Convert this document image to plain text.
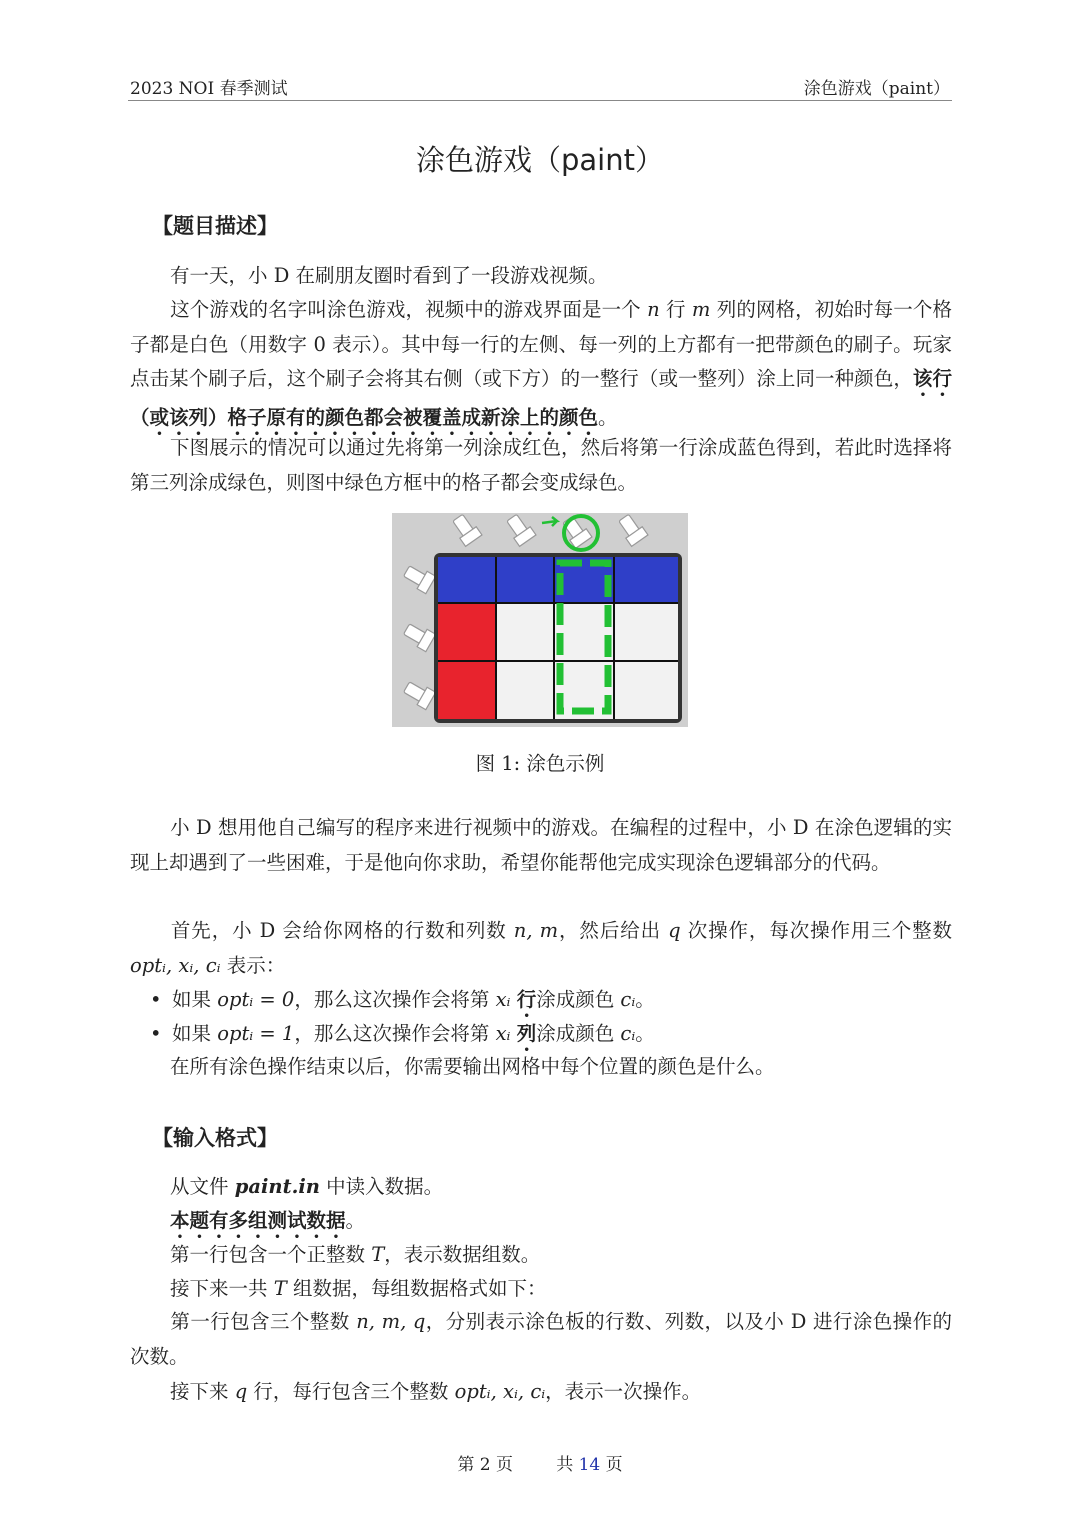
2023 NOI 春季测试	涂色游戏（paint）
涂色游戏（paint）
【题目描述】
有一天，小 D 在刷朋友圈时看到了一段游戏视频。
这个游戏的名字叫涂色游戏，视频中的游戏界面是一个 n 行 m 列的网格，初始时每一个格子都是白色（用数字 0 表示）。其中每一行的左侧、每一列的上方都有一把带颜色的刷子。玩家点击某个刷子后，这个刷子会将其右侧（或下方）的一整行（或一整列）涂上同一种颜色，该行（或该列）格子原有的颜色都会被覆盖成新涂上的颜色。
下图展示的情况可以通过先将第一列涂成红色，然后将第一行涂成蓝色得到，若此时选择将第三列涂成绿色，则图中绿色方框中的格子都会变成绿色。
图 1: 涂色示例
小 D 想用他自己编写的程序来进行视频中的游戏。在编程的过程中，小 D 在涂色逻辑的实现上却遇到了一些困难，于是他向你求助，希望你能帮他完成实现涂色逻辑部分的代码。
首先，小 D 会给你网格的行数和列数 n, m，然后给出 q 次操作，每次操作用三个整数 optᵢ, xᵢ, cᵢ 表示：
• 如果 optᵢ = 0，那么这次操作会将第 xᵢ 行涂成颜色 cᵢ。
• 如果 optᵢ = 1，那么这次操作会将第 xᵢ 列涂成颜色 cᵢ。
在所有涂色操作结束以后，你需要输出网格中每个位置的颜色是什么。
【输入格式】
从文件 paint.in 中读入数据。
本题有多组测试数据。
第一行包含一个正整数 T，表示数据组数。
接下来一共 T 组数据，每组数据格式如下：
第一行包含三个整数 n, m, q，分别表示涂色板的行数、列数，以及小 D 进行涂色操作的次数。
接下来 q 行，每行包含三个整数 optᵢ, xᵢ, cᵢ，表示一次操作。
第 2 页	共 14 页
